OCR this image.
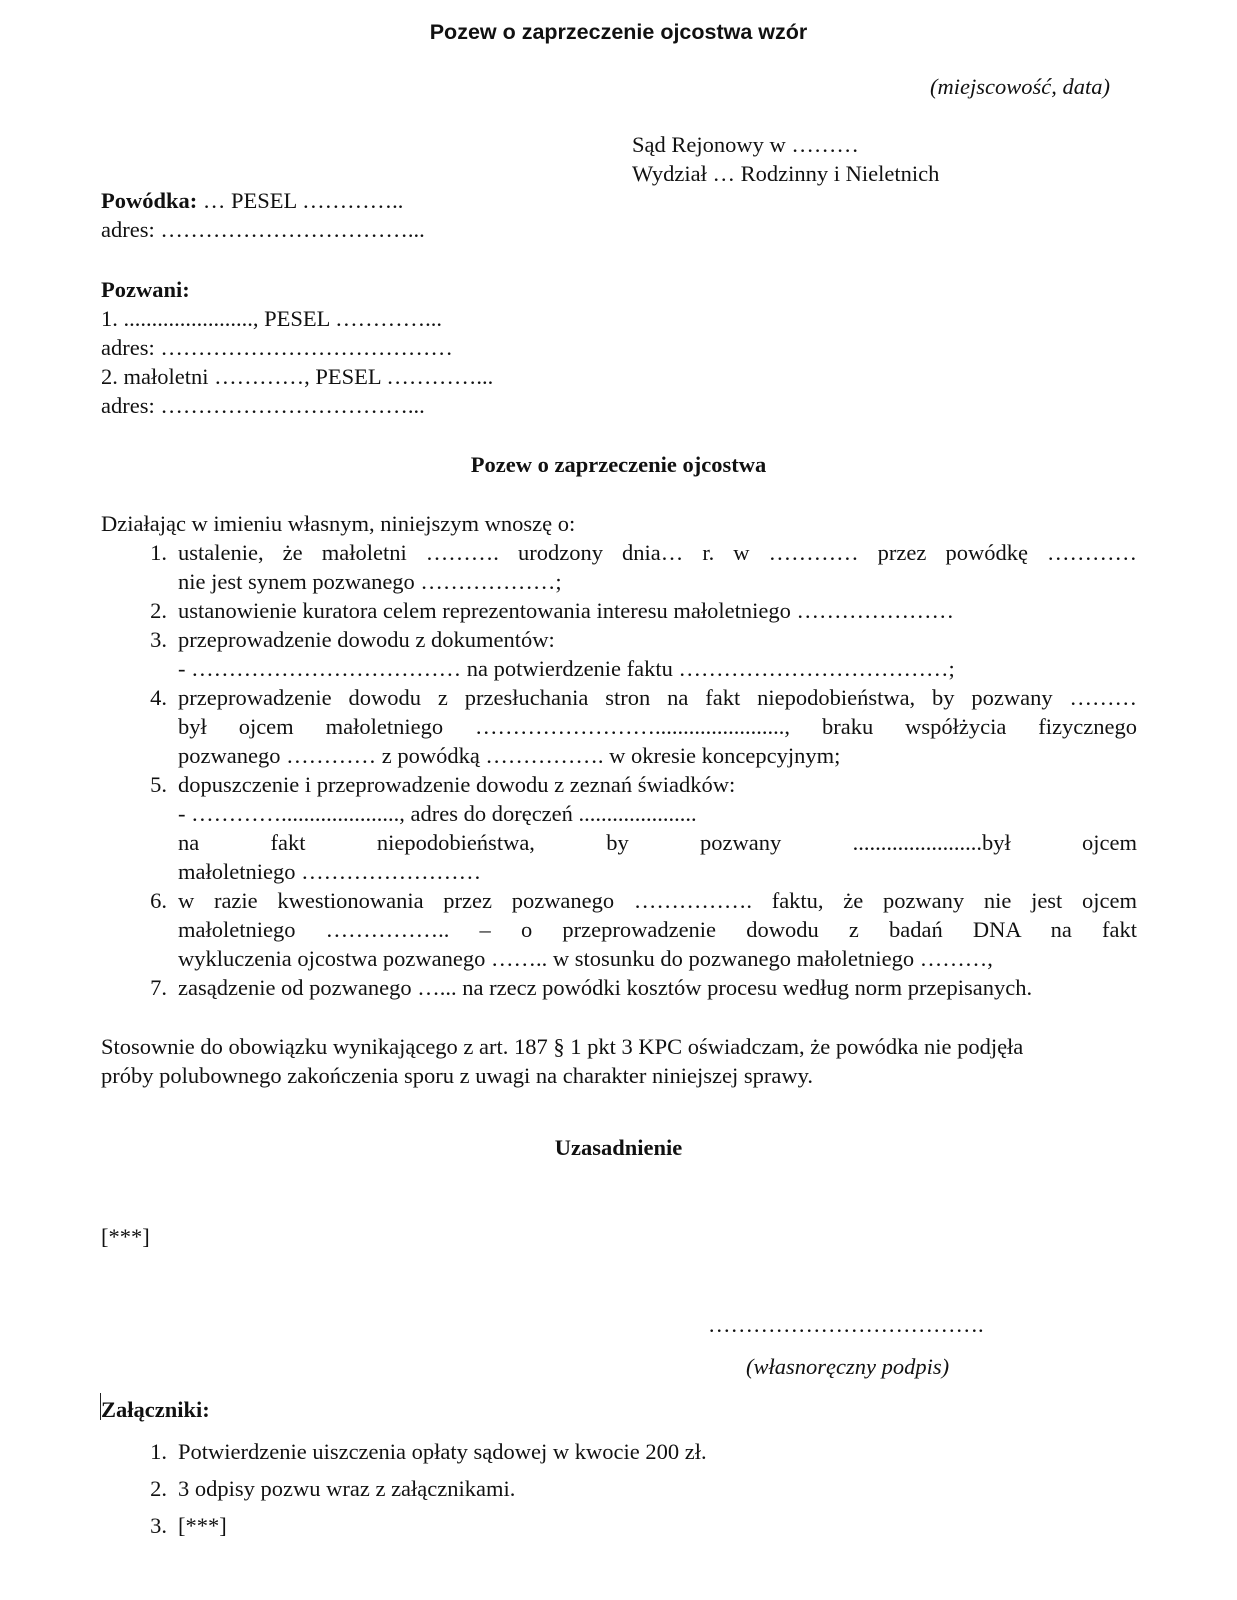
Pozew o zaprzeczenie ojcostwa wzór
(miejscowość, data)
Sąd Rejonowy w ………
Wydział … Rodzinny i Nieletnich
Powódka: … PESEL …………..
adres: ……………………………...
Pozwani:
1. ......................., PESEL …………...
adres: …………………………………
2. małoletni …………, PESEL …………...
adres: ……………………………...
Pozew o zaprzeczenie ojcostwa
Działając w imieniu własnym, niniejszym wnoszę o:
1. ustalenie, że małoletni ………. urodzony dnia… r. w ………… przez powódkę …………
nie jest synem pozwanego ………………;
2. ustanowienie kuratora celem reprezentowania interesu małoletniego …………………
3. przeprowadzenie dowodu z dokumentów:
- ……………………………… na potwierdzenie faktu ………………………………;
4. przeprowadzenie dowodu z przesłuchania stron na fakt niepodobieństwa, by pozwany ………
był ojcem małoletniego ……………………......................., braku współżycia fizycznego
pozwanego ………… z powódką ……………. w okresie koncepcyjnym;
5. dopuszczenie i przeprowadzenie dowodu z zeznań świadków:
- …………....................., adres do doręczeń .....................
na fakt niepodobieństwa, by pozwany .......................był ojcem
małoletniego ……………………
6. w razie kwestionowania przez pozwanego ……………. faktu, że pozwany nie jest ojcem
małoletniego …………….. – o przeprowadzenie dowodu z badań DNA na fakt
wykluczenia ojcostwa pozwanego …….. w stosunku do pozwanego małoletniego ………,
7. zasądzenie od pozwanego …... na rzecz powódki kosztów procesu według norm przepisanych.
Stosownie do obowiązku wynikającego z art. 187 § 1 pkt 3 KPC oświadczam, że powódka nie podjęła
próby polubownego zakończenia sporu z uwagi na charakter niniejszej sprawy.
Uzasadnienie
[***]
……………………………….
(własnoręczny podpis)
Załączniki:
1. Potwierdzenie uiszczenia opłaty sądowej w kwocie 200 zł.
2. 3 odpisy pozwu wraz z załącznikami.
3. [***]
